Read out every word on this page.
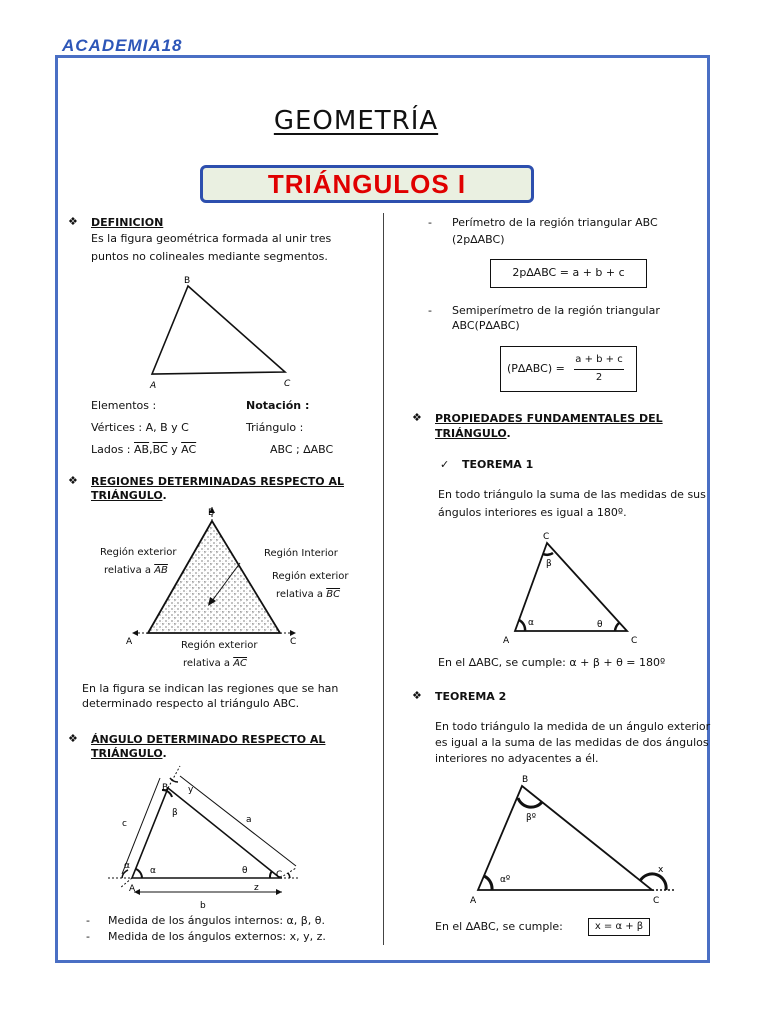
ACADEMIA18
GEOMETRÍA
TRIÁNGULOS I
❖ DEFINICION
Es la figura geométrica formada al unir tres
puntos no colineales mediante segmentos.
B
A	C
Elementos :	Notación :
Vértices : A, B y C	Triángulo :
Lados : $\overline{AB},\overline{BC}$ y $\overline{AC}$	ABC ; ∆ABC
❖ REGIONES DETERMINADAS RESPECTO AL
TRIÁNGULO.
B
A	C
Región exterior
relativa a $\overline{AB}$
Región Interior
Región exterior
relativa a $\overline{BC}$
Región exterior
relativa a $\overline{AC}$
En la figura se indican las regiones que se han
determinado respecto al triángulo ABC.
❖ ÁNGULO DETERMINADO RESPECTO AL
TRIÁNGULO.
B
A
C
a
b
c
α
β
θ
α
y
z
- Medida de los ángulos internos: α, β, θ.
- Medida de los ángulos externos: x, y, z.
- Perímetro de la región triangular ABC
(2p∆ABC)
2p∆ABC = a + b + c
- Semiperímetro de la región triangular
ABC(P∆ABC)
(P∆ABC) =
a + b + c
2
❖ PROPIEDADES FUNDAMENTALES DEL
TRIÁNGULO.
✓ TEOREMA 1
En todo triángulo la suma de las medidas de sus
ángulos interiores es igual a 180º.
C
A	C
α
β
θ
En el ∆ABC, se cumple: α + β + θ = 180º
❖ TEOREMA 2
En todo triángulo la medida de un ángulo exterior
es igual a la suma de las medidas de dos ángulos
interiores no adyacentes a él.
B
A	C
αº
βº
x
En el ∆ABC, se cumple:	x = α + β
